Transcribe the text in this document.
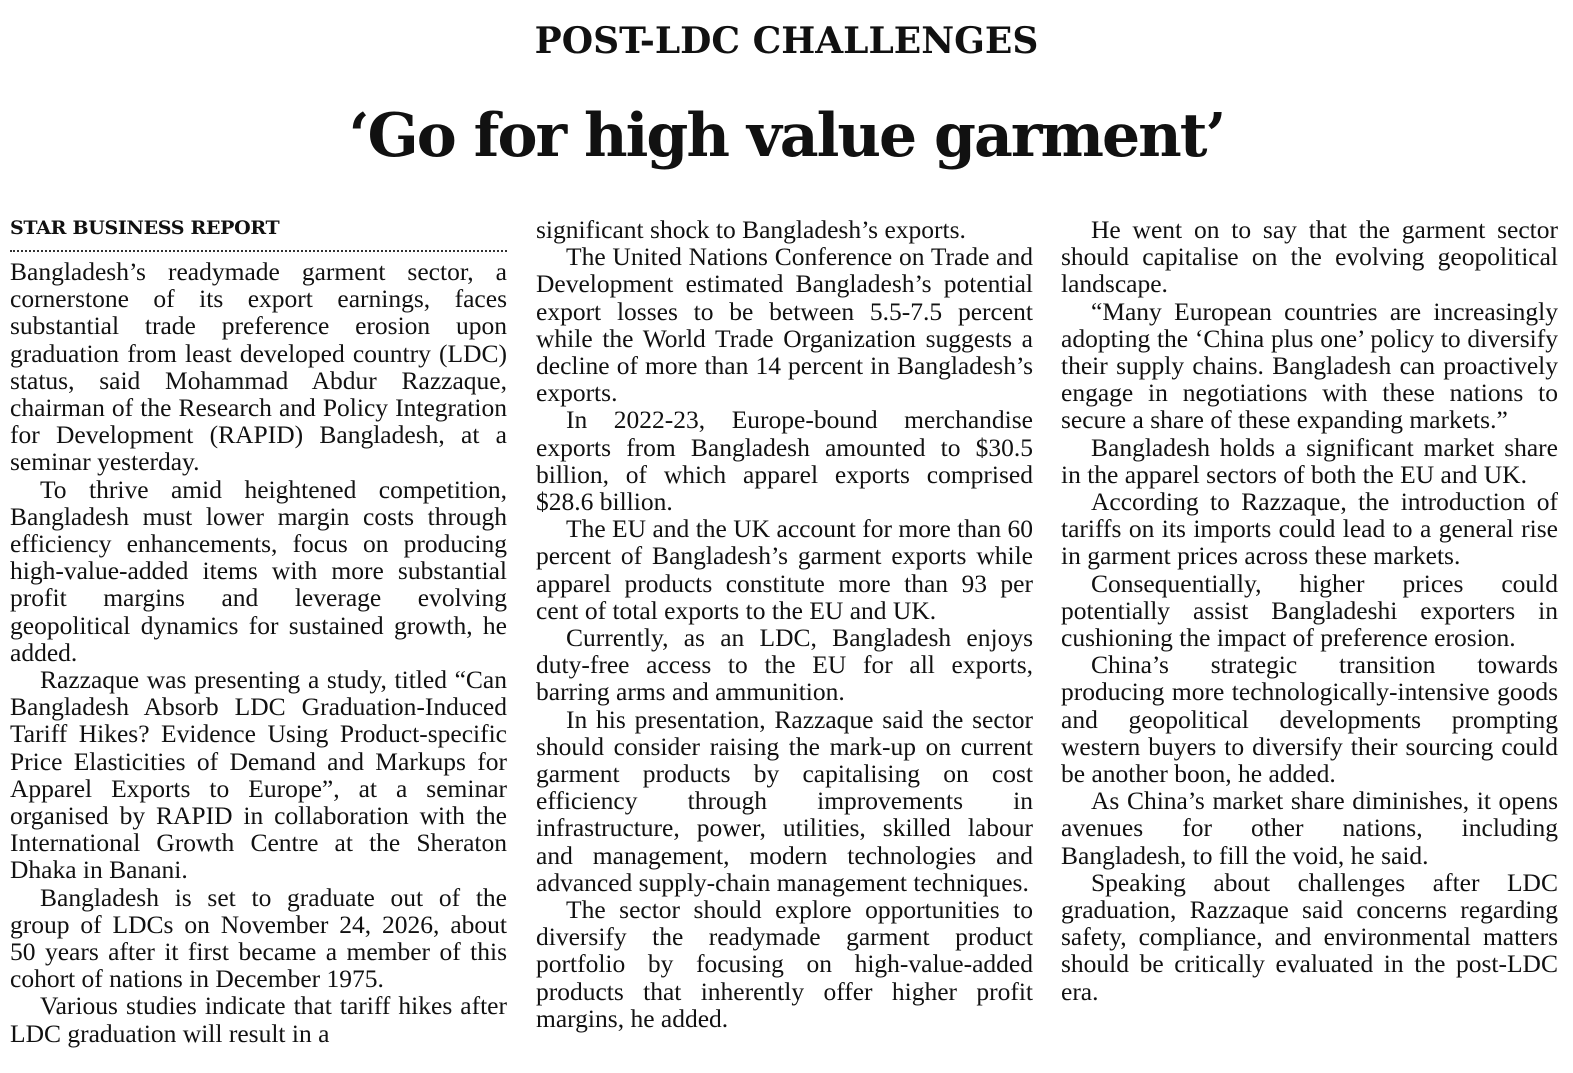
POST-LDC CHALLENGES
‘Go for high value garment’
STAR BUSINESS REPORT

Bangladesh’s readymade garment sector, a cornerstone of its export earnings, faces substantial trade preference erosion upon graduation from least developed country (LDC) status, said Mohammad Abdur Razzaque, chairman of the Research and Policy Integration for Development (RAPID) Bangladesh, at a seminar yesterday.

To thrive amid heightened competition, Bangladesh must lower margin costs through efficiency enhancements, focus on producing high-value-added items with more substantial profit margins and leverage evolving geopolitical dynamics for sustained growth, he added.

Razzaque was presenting a study, titled “Can Bangladesh Absorb LDC Graduation-Induced Tariff Hikes? Evidence Using Product-specific Price Elasticities of Demand and Markups for Apparel Exports to Europe”, at a seminar organised by RAPID in collaboration with the International Growth Centre at the Sheraton Dhaka in Banani.

Bangladesh is set to graduate out of the group of LDCs on November 24, 2026, about 50 years after it first became a member of this cohort of nations in December 1975.

Various studies indicate that tariff hikes after LDC graduation will result in a

significant shock to Bangladesh’s exports.

The United Nations Conference on Trade and Development estimated Bangladesh’s potential export losses to be between 5.5-7.5 percent while the World Trade Organization suggests a decline of more than 14 percent in Bangladesh’s exports.

In 2022-23, Europe-bound merchandise exports from Bangladesh amounted to $30.5 billion, of which apparel exports comprised $28.6 billion.

The EU and the UK account for more than 60 percent of Bangladesh’s garment exports while apparel products constitute more than 93 per cent of total exports to the EU and UK.

Currently, as an LDC, Bangladesh enjoys duty-free access to the EU for all exports, barring arms and ammunition.

In his presentation, Razzaque said the sector should consider raising the mark-up on current garment products by capitalising on cost efficiency through improvements in infrastructure, power, utilities, skilled labour and management, modern technologies and advanced supply-chain management techniques.

The sector should explore opportunities to diversify the readymade garment product portfolio by focusing on high-value-added products that inherently offer higher profit margins, he added.

He went on to say that the garment sector should capitalise on the evolving geopolitical landscape.

“Many European countries are increasingly adopting the ‘China plus one’ policy to diversify their supply chains. Bangladesh can proactively engage in negotiations with these nations to secure a share of these expanding markets.”

Bangladesh holds a significant market share in the apparel sectors of both the EU and UK.

According to Razzaque, the introduction of tariffs on its imports could lead to a general rise in garment prices across these markets.

Consequentially, higher prices could potentially assist Bangladeshi exporters in cushioning the impact of preference erosion.

China’s strategic transition towards producing more technologically-intensive goods and geopolitical developments prompting western buyers to diversify their sourcing could be another boon, he added.

As China’s market share diminishes, it opens avenues for other nations, including Bangladesh, to fill the void, he said.

Speaking about challenges after LDC graduation, Razzaque said concerns regarding safety, compliance, and environmental matters should be critically evaluated in the post-LDC era.
